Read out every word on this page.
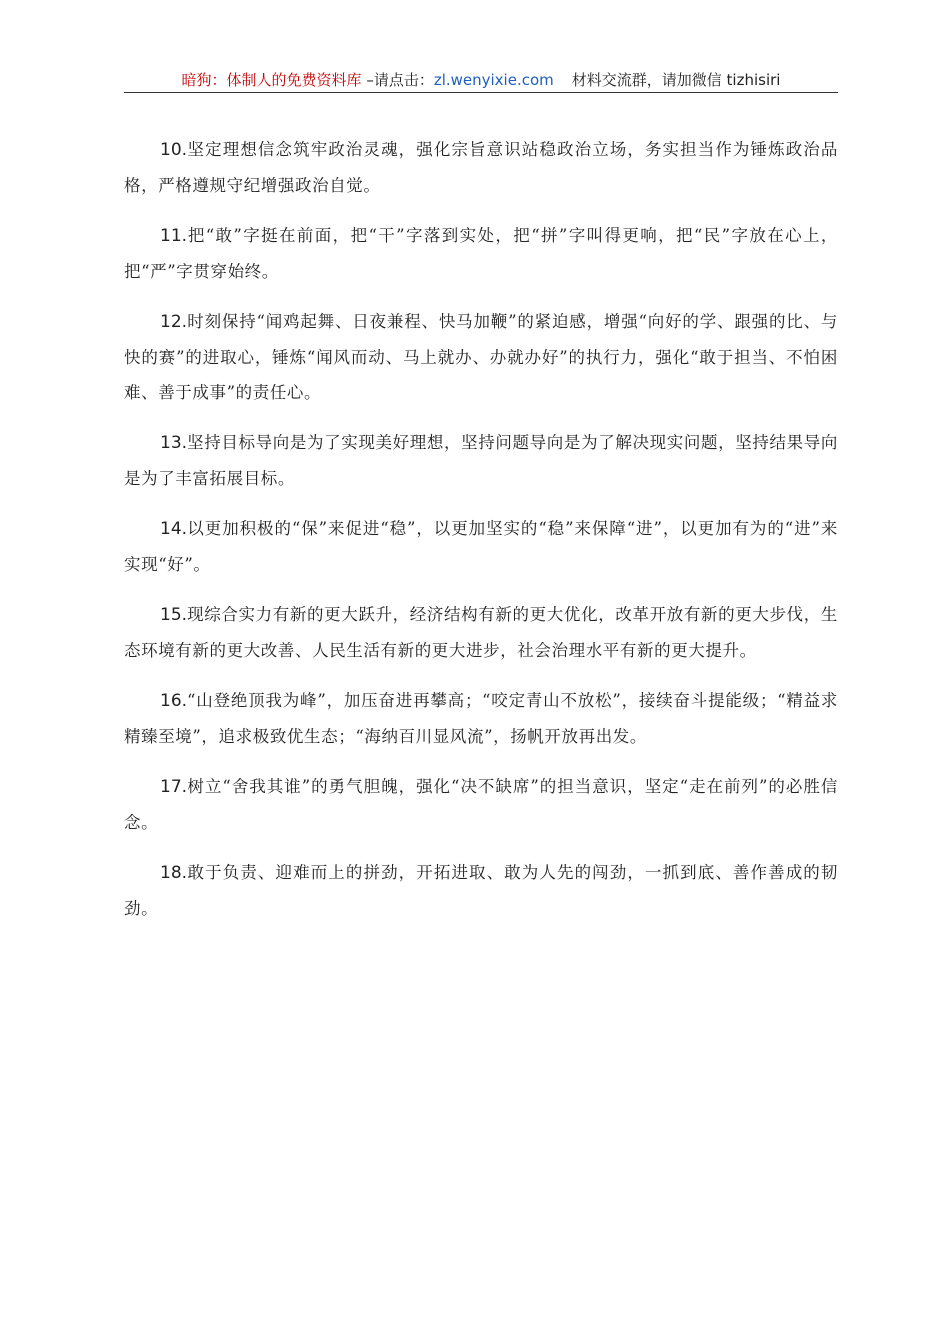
暗狗：体制人的免费资料库 –请点击：zl.wenyixie.com 材料交流群，请加微信 tizhisiri

10.坚定理想信念筑牢政治灵魂，强化宗旨意识站稳政治立场，务实担当作为锤炼政治品格，严格遵规守纪增强政治自觉。

11.把“敢”字挺在前面，把“干”字落到实处，把“拼”字叫得更响，把“民”字放在心上，把“严”字贯穿始终。

12.时刻保持“闻鸡起舞、日夜兼程、快马加鞭”的紧迫感，增强“向好的学、跟强的比、与快的赛”的进取心，锤炼“闻风而动、马上就办、办就办好”的执行力，强化“敢于担当、不怕困难、善于成事”的责任心。

13.坚持目标导向是为了实现美好理想，坚持问题导向是为了解决现实问题，坚持结果导向是为了丰富拓展目标。

14.以更加积极的“保”来促进“稳”，以更加坚实的“稳”来保障“进”，以更加有为的“进”来实现“好”。

15.现综合实力有新的更大跃升，经济结构有新的更大优化，改革开放有新的更大步伐，生态环境有新的更大改善、人民生活有新的更大进步，社会治理水平有新的更大提升。

16.“山登绝顶我为峰”，加压奋进再攀高；“咬定青山不放松”，接续奋斗提能级；“精益求精臻至境”，追求极致优生态；“海纳百川显风流”，扬帆开放再出发。

17.树立“舍我其谁”的勇气胆魄，强化“决不缺席”的担当意识，坚定“走在前列”的必胜信念。

18.敢于负责、迎难而上的拼劲，开拓进取、敢为人先的闯劲，一抓到底、善作善成的韧劲。
